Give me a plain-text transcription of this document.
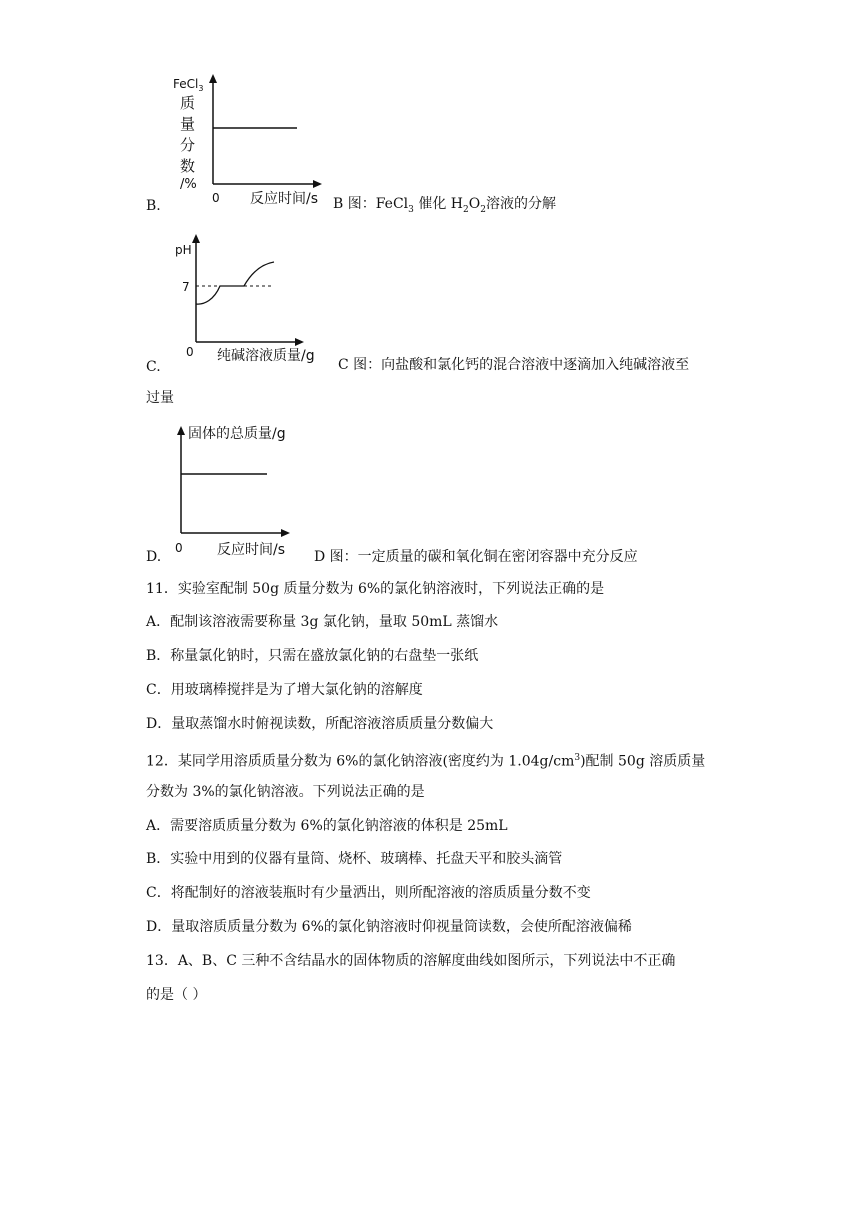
B.
FeCl$_3$
质
量
分
数
/%
0 反应时间/s B 图：FeCl$_3$ 催化 $H_2O_2$溶液的分解
C.
pH
7
0 纯碱溶液质量/g
C 图：向盐酸和氯化钙的混合溶液中逐滴加入纯碱溶液至
过量
D.
固体的总质量/g
0 反应时间/s D 图：一定质量的碳和氧化铜在密闭容器中充分反应
11．实验室配制 50g 质量分数为 6%的氯化钠溶液时，下列说法正确的是
A．配制该溶液需要称量 3g 氯化钠，量取 50mL 蒸馏水
B．称量氯化钠时，只需在盛放氯化钠的右盘垫一张纸
C．用玻璃棒搅拌是为了增大氯化钠的溶解度
D．量取蒸馏水时俯视读数，所配溶液溶质质量分数偏大
12．某同学用溶质质量分数为 6%的氯化钠溶液(密度约为 $1.04g/cm^3$)配制 50g 溶质质量
分数为 3%的氯化钠溶液。下列说法正确的是
A．需要溶质质量分数为 6%的氯化钠溶液的体积是 25mL
B．实验中用到的仪器有量筒、烧杯、玻璃棒、托盘天平和胶头滴管
C．将配制好的溶液装瓶时有少量洒出，则所配溶液的溶质质量分数不变
D．量取溶质质量分数为 6%的氯化钠溶液时仰视量筒读数，会使所配溶液偏稀
13．A、B、C 三种不含结晶水的固体物质的溶解度曲线如图所示，下列说法中不正确
的是（ ）
